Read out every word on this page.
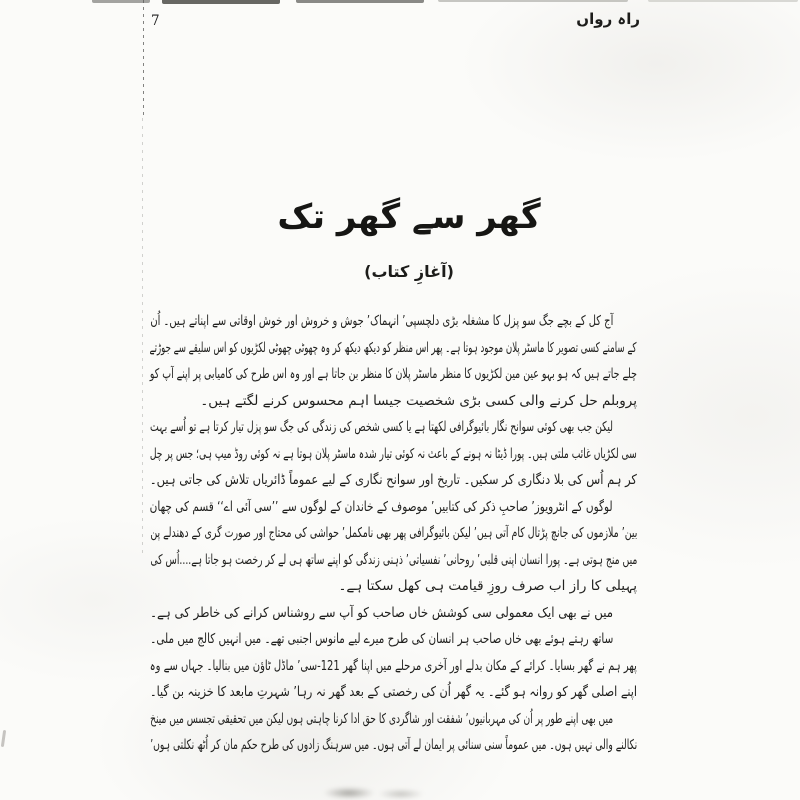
7	راہ رواں
گھر سے گھر تک
(آغازِ کتاب)
آج کل کے بچے جگ سو پزل کا مشغلہ بڑی دلچسپی’ انہماک’ جوش و خروش اور خوش اوقاتی سے اپناتے ہیں۔ اُن
کے سامنے کسی تصویر کا ماسٹر پلان موجود ہوتا ہے۔ پھر اس منظر کو دیکھ دیکھ کر وہ چھوٹی چھوٹی لکڑیوں کو اس سلیقے سے جوڑتے
چلے جاتے ہیں کہ ہو بہو عین مین لکڑیوں کا منظر ماسٹر پلان کا منظر بن جاتا ہے اور وہ اس طرح کی کامیابی پر اپنے آپ کو
پروبلم حل کرنے والی کسی بڑی شخصیت جیسا اہم محسوس کرنے لگتے ہیں۔
لیکن جب بھی کوئی سوانح نگار بائیوگرافی لکھتا ہے یا کسی شخص کی زندگی کی جگ سو پزل تیار کرتا ہے تو اُسے بہت
سی لکڑیاں غائب ملتی ہیں۔ پورا ڈیٹا نہ ہونے کے باعث نہ کوئی تیار شدہ ماسٹر پلان ہوتا ہے نہ کوئی روڈ میپ ہی؛ جس پر چل
کر ہم اُس کی بلا دنگاری کر سکیں۔ تاریخ اور سوانح نگاری کے لیے عموماً ڈائریاں تلاش کی جاتی ہیں۔
لوگوں کے انٹرویوز’ صاحبِ ذکر کی کتابیں’ موصوف کے خاندان کے لوگوں سے ’’سی آئی اے‘‘ قسم کی چھان
بین’ ملازموں کی جانچ پڑتال کام آتی ہیں’ لیکن بائیوگرافی پھر بھی نامکمل’ حواشی کی محتاج اور صورت گری کے دھندلے پن
میں منج ہوتی ہے۔ پورا انسان اپنی قلبی’ روحانی’ نفسیاتی’ ذہنی زندگی کو اپنے ساتھ ہی لے کر رخصت ہو جاتا ہے....اُس کی
پہیلی کا راز اب صرف روزِ قیامت ہی کھل سکتا ہے۔
میں نے بھی ایک معمولی سی کوشش خاں صاحب کو آپ سے روشناس کرانے کی خاطر کی ہے۔
ساتھ رہتے ہوئے بھی خاں صاحب ہر انسان کی طرح میرے لیے مانوس اجنبی تھے۔ میں انہیں کالج میں ملی۔
پھر ہم نے گھر بسایا۔ کرائے کے مکان بدلے اور آخری مرحلے میں اپنا گھر 121-سی’ ماڈل ٹاؤن میں بنالیا۔ جہاں سے وہ
اپنے اصلی گھر کو روانہ ہو گئے۔ یہ گھر اُن کی رخصتی کے بعد گھر نہ رہا’ شہرتِ مابعد کا خزینہ بن گیا۔
میں بھی اپنے طور پر اُن کی مہربانیوں’ شفقت اور شاگردی کا حق ادا کرنا چاہتی ہوں لیکن میں تحقیقی تجسس میں مینخ
نکالنے والی نہیں ہوں۔ میں عموماً سنی سنائی پر ایمان لے آتی ہوں۔ میں سرہنگ زادوں کی طرح حکم مان کر اُٹھ نکلتی ہوں’
